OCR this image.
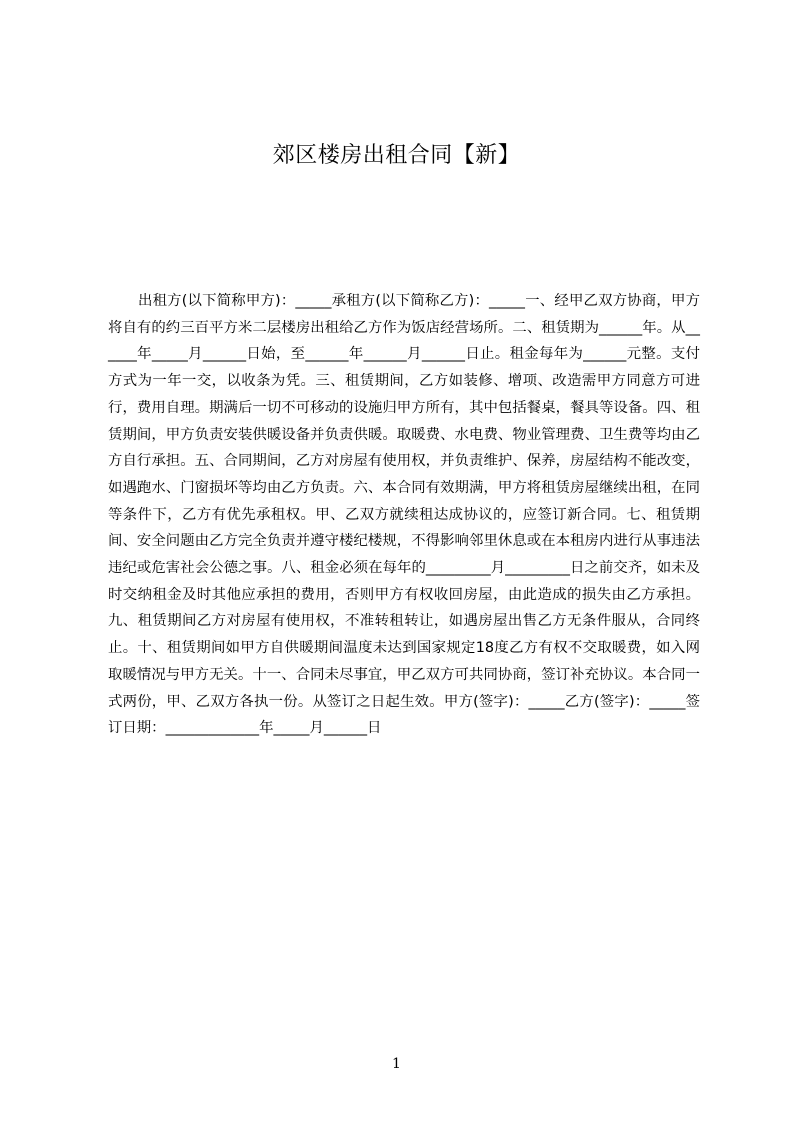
郊区楼房出租合同【新】

出租方(以下简称甲方)：_____承租方(以下简称乙方)：_____一、经甲乙双方协商，甲方将自有的约三百平方米二层楼房出租给乙方作为饭店经营场所。二、租赁期为______年。从______年_____月______日始，至______年______月______日止。租金每年为______元整。支付方式为一年一交，以收条为凭。三、租赁期间，乙方如装修、增项、改造需甲方同意方可进行，费用自理。期满后一切不可移动的设施归甲方所有，其中包括餐桌，餐具等设备。四、租赁期间，甲方负责安装供暖设备并负责供暖。取暖费、水电费、物业管理费、卫生费等均由乙方自行承担。五、合同期间，乙方对房屋有使用权，并负责维护、保养，房屋结构不能改变，如遇跑水、门窗损坏等均由乙方负责。六、本合同有效期满，甲方将租赁房屋继续出租，在同等条件下，乙方有优先承租权。甲、乙双方就续租达成协议的，应签订新合同。七、租赁期间、安全问题由乙方完全负责并遵守楼纪楼规，不得影响邻里休息或在本租房内进行从事违法违纪或危害社会公德之事。八、租金必须在每年的_________月_________日之前交齐，如未及时交纳租金及时其他应承担的费用，否则甲方有权收回房屋，由此造成的损失由乙方承担。九、租赁期间乙方对房屋有使用权，不准转租转让，如遇房屋出售乙方无条件服从，合同终止。十、租赁期间如甲方自供暖期间温度未达到国家规定18度乙方有权不交取暖费，如入网取暖情况与甲方无关。十一、合同未尽事宜，甲乙双方可共同协商，签订补充协议。本合同一式两份，甲、乙双方各执一份。从签订之日起生效。甲方(签字)：_____乙方(签字)：_____签订日期：_____________年_____月______日

1
